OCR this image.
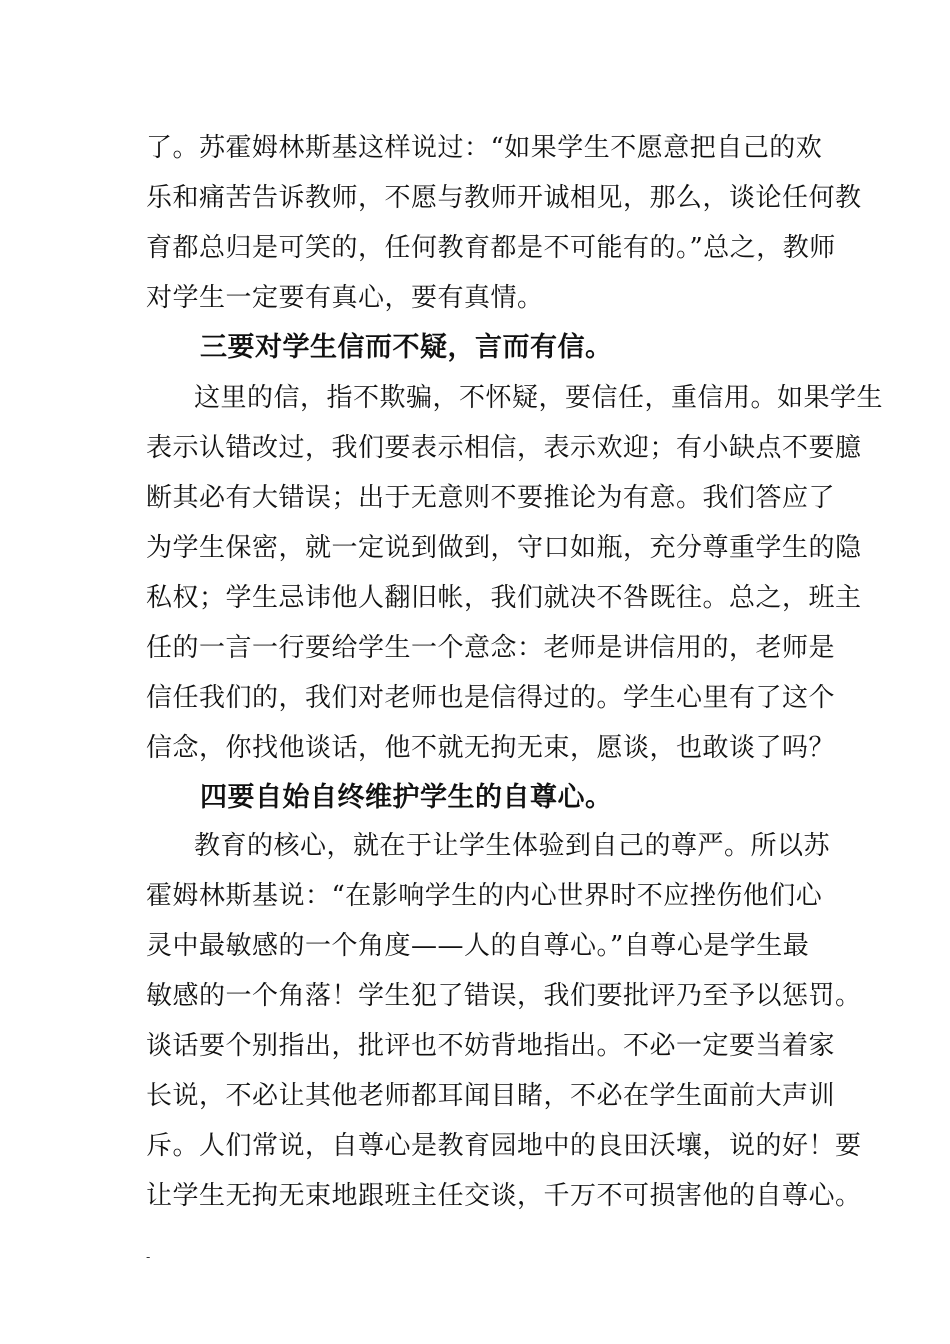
了。苏霍姆林斯基这样说过：“如果学生不愿意把自己的欢
乐和痛苦告诉教师，不愿与教师开诚相见，那么，谈论任何教
育都总归是可笑的，任何教育都是不可能有的。”总之，教师
对学生一定要有真心，要有真情。
三要对学生信而不疑，言而有信。
这里的信，指不欺骗，不怀疑，要信任，重信用。如果学生
表示认错改过，我们要表示相信，表示欢迎；有小缺点不要臆
断其必有大错误；出于无意则不要推论为有意。我们答应了
为学生保密，就一定说到做到，守口如瓶，充分尊重学生的隐
私权；学生忌讳他人翻旧帐，我们就决不咎既往。总之，班主
任的一言一行要给学生一个意念：老师是讲信用的，老师是
信任我们的，我们对老师也是信得过的。学生心里有了这个
信念，你找他谈话，他不就无拘无束，愿谈，也敢谈了吗？
四要自始自终维护学生的自尊心。
教育的核心，就在于让学生体验到自己的尊严。所以苏
霍姆林斯基说：“在影响学生的内心世界时不应挫伤他们心
灵中最敏感的一个角度——人的自尊心。”自尊心是学生最
敏感的一个角落！学生犯了错误，我们要批评乃至予以惩罚。
谈话要个别指出，批评也不妨背地指出。不必一定要当着家
长说，不必让其他老师都耳闻目睹，不必在学生面前大声训
斥。人们常说，自尊心是教育园地中的良田沃壤，说的好！要
让学生无拘无束地跟班主任交谈，千万不可损害他的自尊心。
-
